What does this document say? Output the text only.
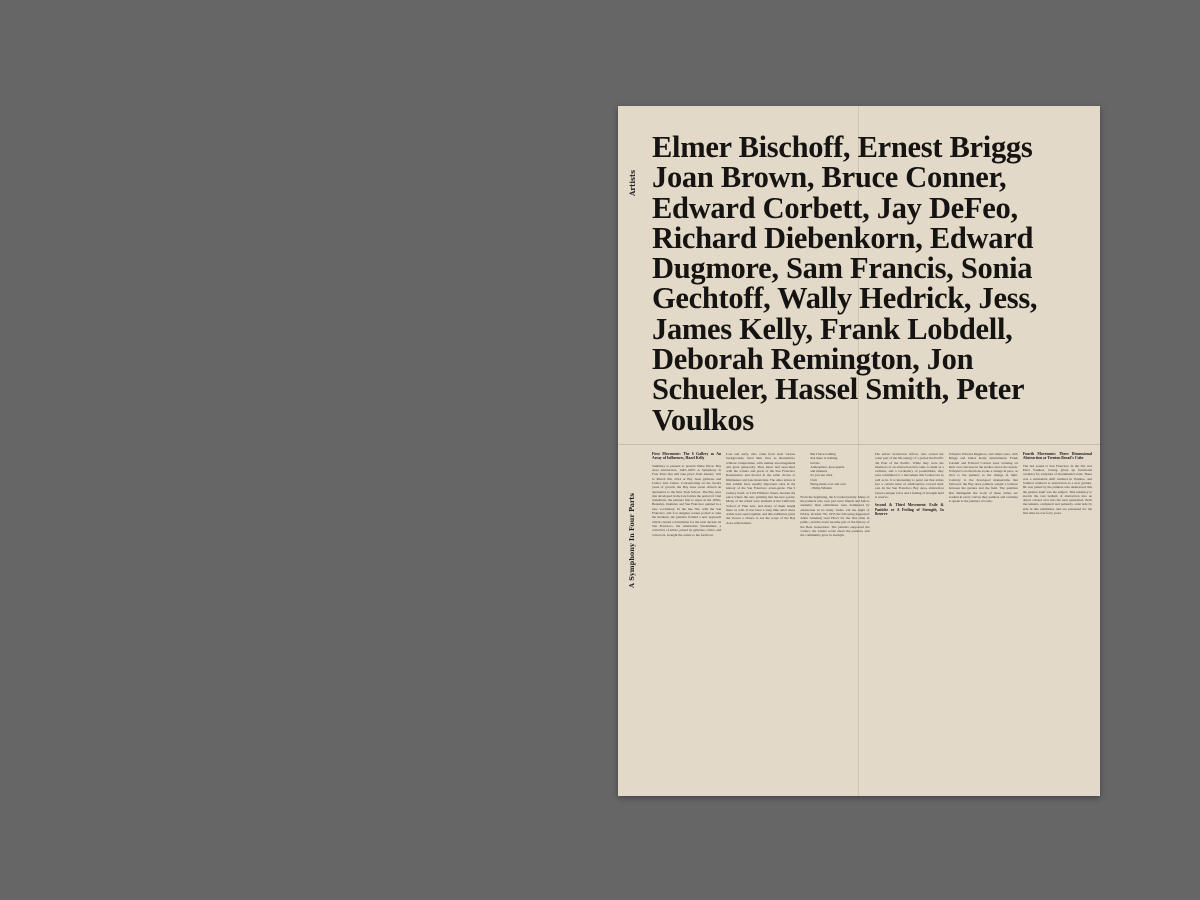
Artists
Elmer Bischoff, Ernest Briggs Joan Brown, Bruce Conner, Edward Corbett, Jay DeFeo, Richard Diebenkorn, Edward Dugmore, Sam Francis, Sonia Gechtoff, Wally Hedrick, Jess, James Kelly, Frank Lobdell, Deborah Remington, Jon Schueler, Hassel Smith, Peter Voulkos
A Symphony In Four Parts

First Movement: The 6 Gallery as An Array of Influences, Hazel Kelly

Summary is pleased to present Wake Wave: Bay Area Abstraction, 1945–1965: A Symphony in Four Parts that will take place from January 11th to March 8th, 2014 at Bay Area galleries and Cantor Arts Center. Concentrating on the twenty years of growth, the Bay Area scene offered an alternative to the New York School. The Bay Area that developed in the late forties the period of vital transitions, the painters first to ripen, in the 1950s, Berkeley, Oakland, and San Francisco painted in a new vocabulary. In the late 50s, with the San Francisco and Los Angeles scenes poised to take the moment, the painters formed a new approach which created a foundation for the next decade. In San Francisco, the Alternative Streamlines, a collective of artists, joined by galleries, critics, and collectors, brought the artists to the forefront.

Late and early, who came from such various backgrounds, lived their lives as alternatives, without compromise, with mutual encouragement and great generosity. They knew and associated with the writers and poets of the San Francisco Renaissance and moved in the same circles of filmmakers and jazz musicians. The other artists in this exhibit have equally important roles in the history of the San Francisco avant-garde. The 6 Gallery itself, at 3119 Fillmore Street, became the place where the new painting met the new poetry. Many of the artists were students at the California School of Fine Arts, and many of them taught there as well. It has been a long time since these artists were seen together, and this exhibition gives the viewer a chance to see the scope of the Bay Area achievement.

But I have nothing
that there is nothing
but the
Atmosphere, inescapable
and timeless
So you see what
I felt
Being made over and over
- Philip Whalen

From the beginning, the 6 worked jointly. Many of the painters who took part were friends and fellow students; their exhibitions were dominated by abstraction in its many forms. On the night of Friday, October 7th, 1955 the following happened: Allen Ginsberg read Howl for the first time in public, and the event became part of the history of the Beat Generation. The painters supported the writers, the writers wrote about the painters, and the community grew in strength.

The artists' downtown offices, who owned the better part of the life energy of a period the Pacific rim East of the Pacific. While they were the inheritors of an abstraction that came to them as a tradition, and a vocabulary of possibilities, they were committed to a movement that looked out as well as in. It is interesting to point out that artists feel a certain kind of ambivalence toward their past. In the San Francisco Bay Area, abstraction found a unique voice and a feeling of strength held in reserve.

Second & Third Movement: Exile & Pastiche or A Feeling of Strength, In Reserve

Schuyler, Edward Dugmore, and others were, with Briggs and James Kelly, instrumental. Frank Lobdell and Edward Corbett were working on their own canvases in the studios above the streets. Schuyler's recollections evoke a change in pace, as vital to the painters as the change in light. Contrary to the developed mannerisms that followed, the Bay Area painters sought a balance between the gesture and the field. The qualities that distinguish the work of these artists are evident in every canvas they painted, and continue to speak to the painters of today.

Fourth Movement: Three Dimensional Abstraction or Trenton Broad's Cube

The last sound is San Francisco in the 50s was Peter Voulkos, having given up functional ceramics for sculpture of monumental scale. There was a substantial shift realized in Voulkos, and Voulkos returned to abstraction as a new gesture. He was joined by the painters who understood that the gesture itself was the subject. This tendency to stretch the vast bedlam of abstraction into an object carried over into the next generation. Both movements, sculptural and painterly, exist side by side in this exhibition, and are presented for the first time in over forty years.
